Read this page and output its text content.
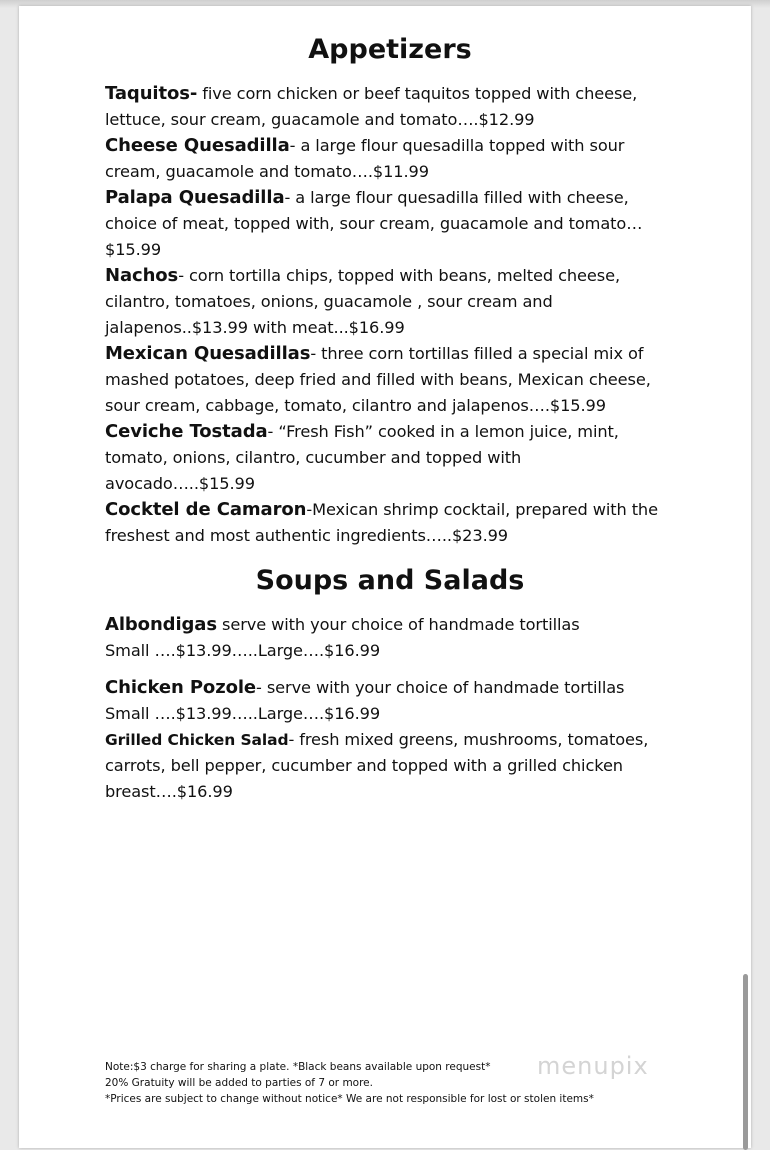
Appetizers

Taquitos- five corn chicken or beef taquitos topped with cheese, lettuce, sour cream, guacamole and tomato….$12.99

Cheese Quesadilla- a large flour quesadilla topped with sour cream, guacamole and tomato….$11.99

Palapa Quesadilla- a large flour quesadilla filled with cheese, choice of meat, topped with, sour cream, guacamole and tomato…$15.99

Nachos- corn tortilla chips, topped with beans, melted cheese, cilantro, tomatoes, onions, guacamole , sour cream and jalapenos..$13.99 with meat...$16.99

Mexican Quesadillas- three corn tortillas filled a special mix of mashed potatoes, deep fried and filled with beans, Mexican cheese, sour cream, cabbage, tomato, cilantro and jalapenos….$15.99

Ceviche Tostada- “Fresh Fish” cooked in a lemon juice, mint, tomato, onions, cilantro, cucumber and topped with avocado…..$15.99

Cocktel de Camaron-Mexican shrimp cocktail, prepared with the freshest and most authentic ingredients…..$23.99

Soups and Salads

Albondigas serve with your choice of handmade tortillas
Small ….$13.99…..Large….$16.99

Chicken Pozole- serve with your choice of handmade tortillas
Small ….$13.99…..Large….$16.99

Grilled Chicken Salad- fresh mixed greens, mushrooms, tomatoes, carrots, bell pepper, cucumber and topped with a grilled chicken breast….$16.99

Note:$3 charge for sharing a plate. *Black beans available upon request*
20% Gratuity will be added to parties of 7 or more.
*Prices are subject to change without notice* We are not responsible for lost or stolen items*
menupix
